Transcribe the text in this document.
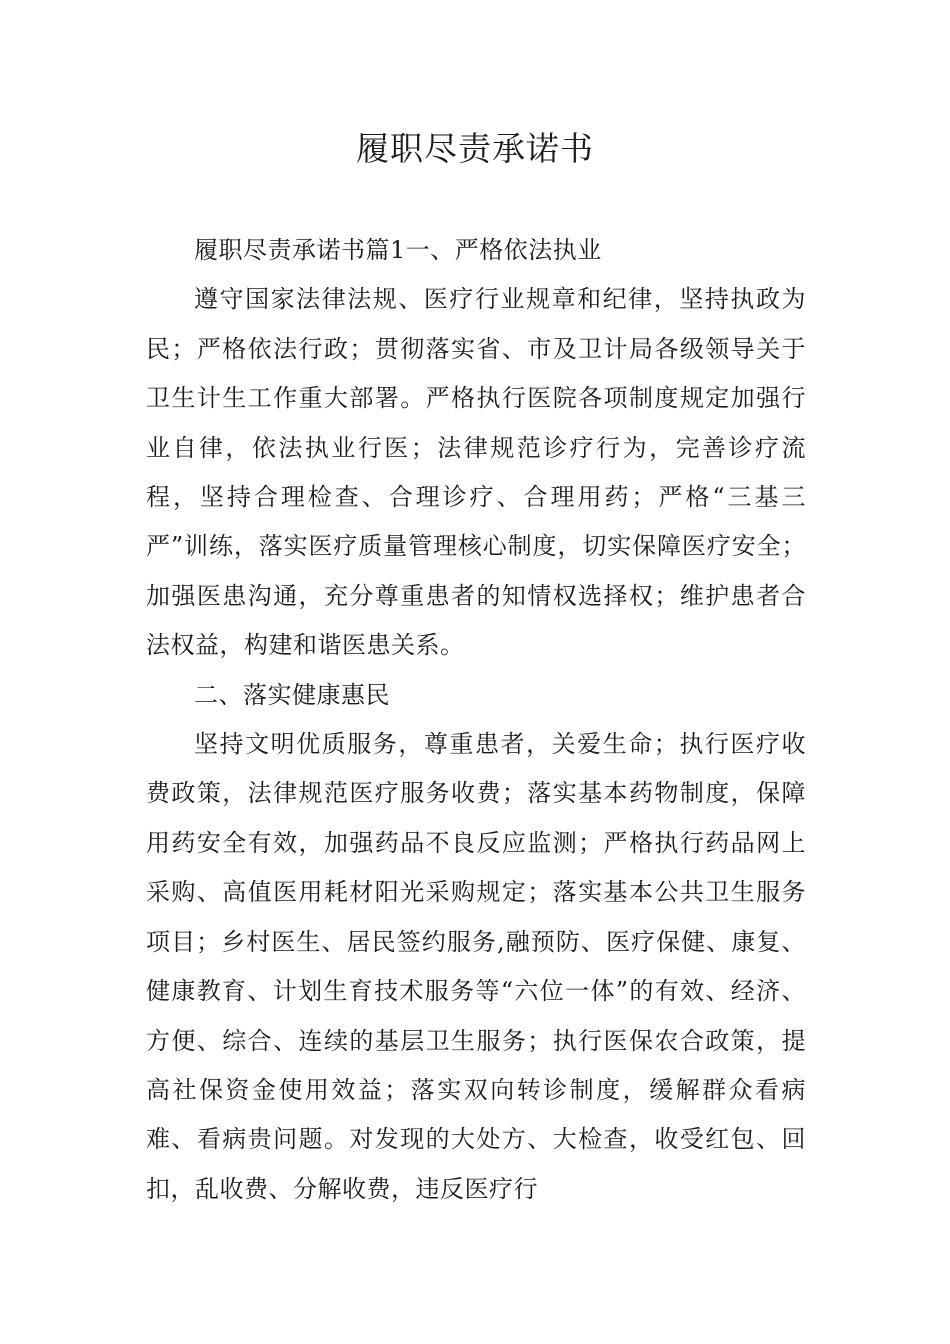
履职尽责承诺书

履职尽责承诺书篇1一、严格依法执业

遵守国家法律法规、医疗行业规章和纪律，坚持执政为民；严格依法行政；贯彻落实省、市及卫计局各级领导关于卫生计生工作重大部署。严格执行医院各项制度规定加强行业自律，依法执业行医；法律规范诊疗行为，完善诊疗流程，坚持合理检查、合理诊疗、合理用药；严格“三基三严”训练，落实医疗质量管理核心制度，切实保障医疗安全；加强医患沟通，充分尊重患者的知情权选择权；维护患者合法权益，构建和谐医患关系。

二、落实健康惠民

坚持文明优质服务，尊重患者，关爱生命；执行医疗收费政策，法律规范医疗服务收费；落实基本药物制度，保障用药安全有效，加强药品不良反应监测；严格执行药品网上采购、高值医用耗材阳光采购规定；落实基本公共卫生服务项目；乡村医生、居民签约服务,融预防、医疗保健、康复、健康教育、计划生育技术服务等“六位一体”的有效、经济、方便、综合、连续的基层卫生服务；执行医保农合政策，提高社保资金使用效益；落实双向转诊制度，缓解群众看病难、看病贵问题。对发现的大处方、大检查，收受红包、回扣，乱收费、分解收费，违反医疗行
